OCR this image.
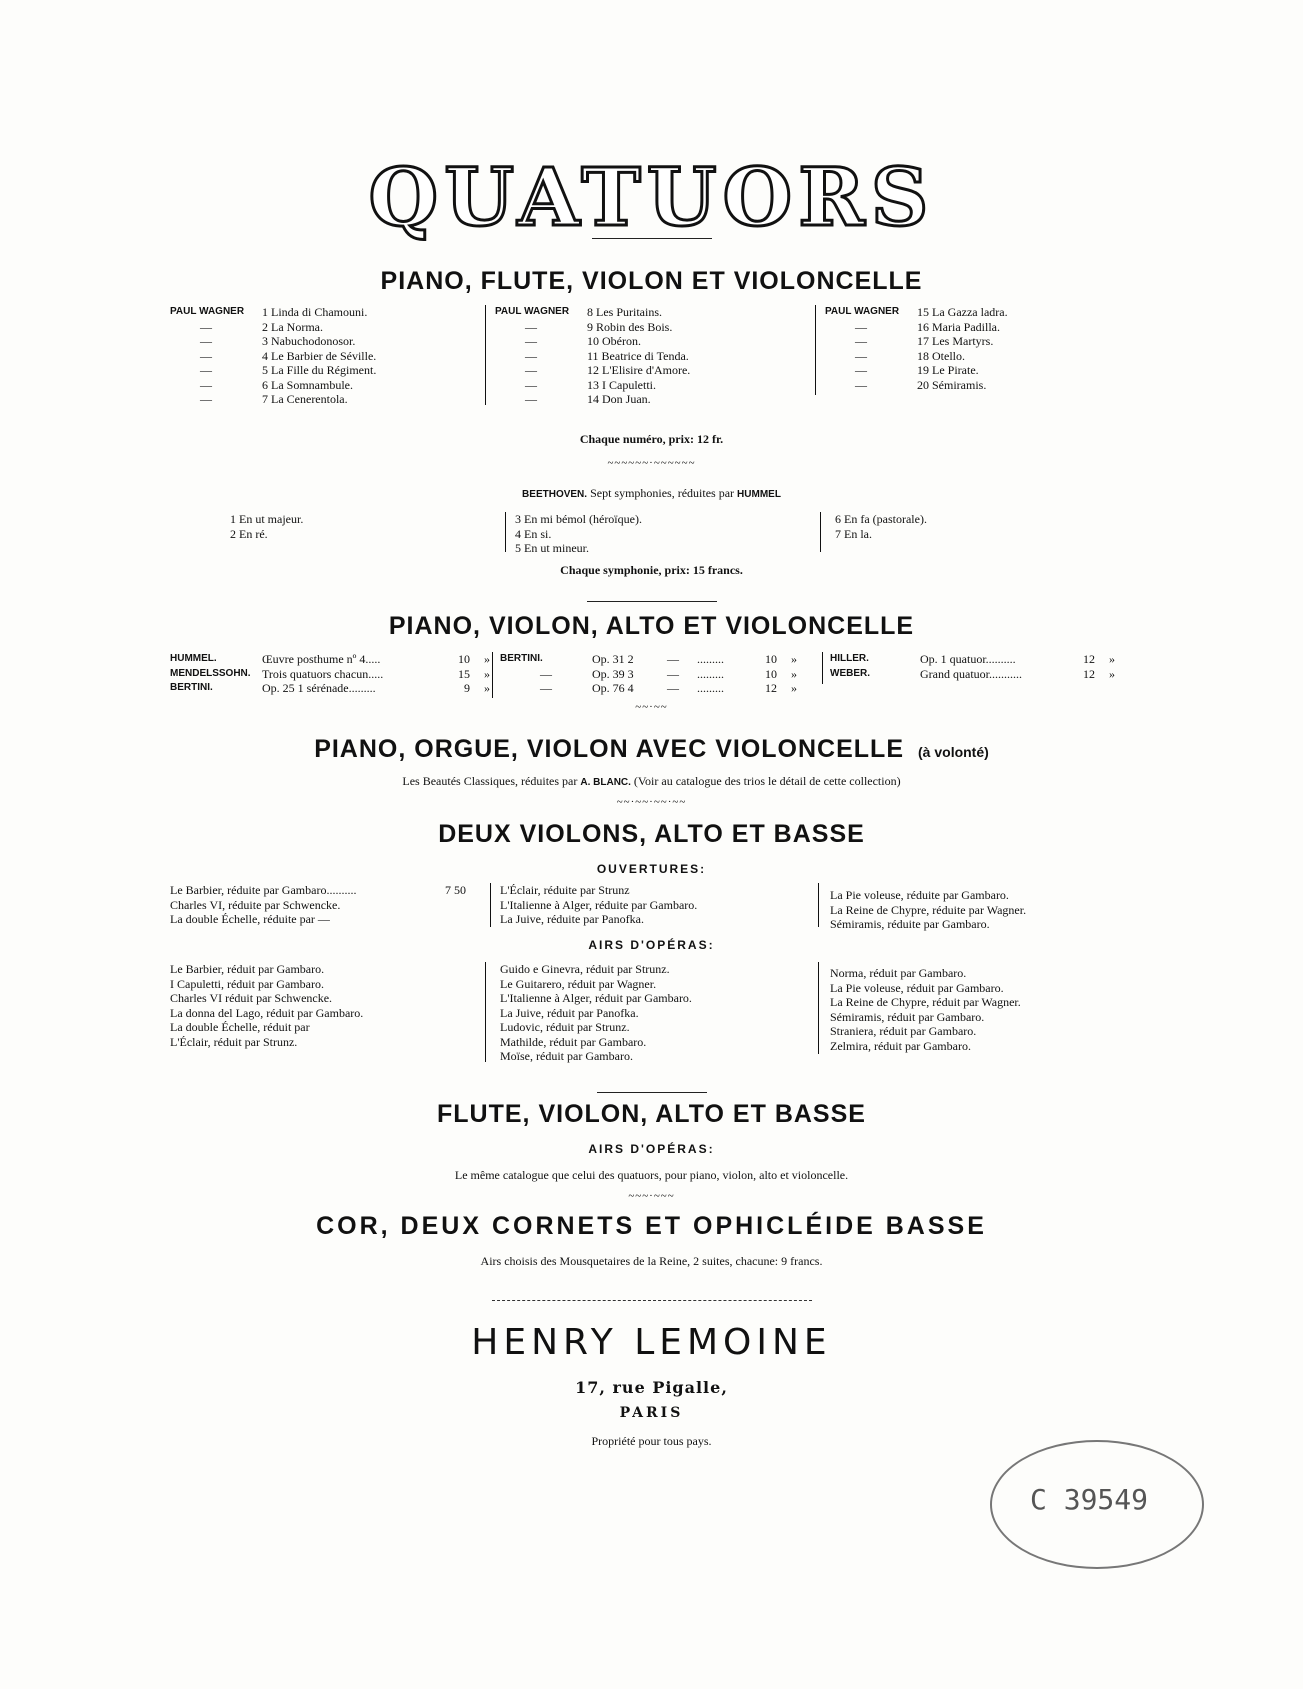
QUATUORS
PIANO, FLUTE, VIOLON ET VIOLONCELLE
PAUL WAGNER	1 Linda di Chamouni.
—	2 La Norma.
—	3 Nabuchodonosor.
—	4 Le Barbier de Séville.
—	5 La Fille du Régiment.
—	6 La Somnambule.
—	7 La Cenerentola.
PAUL WAGNER	8 Les Puritains.
—	9 Robin des Bois.
—	10 Obéron.
—	11 Beatrice di Tenda.
—	12 L'Elisire d'Amore.
—	13 I Capuletti.
—	14 Don Juan.
PAUL WAGNER	15 La Gazza ladra.
—	16 Maria Padilla.
—	17 Les Martyrs.
—	18 Otello.
—	19 Le Pirate.
—	20 Sémiramis.
Chaque numéro, prix: 12 fr.
~~~~~~·~~~~~~
BEETHOVEN. Sept symphonies, réduites par HUMMEL
1 En ut majeur.
2 En ré.
3 En mi bémol (héroïque).
4 En si.
5 En ut mineur.
6 En fa (pastorale).
7 En la.
Chaque symphonie, prix: 15 francs.
PIANO, VIOLON, ALTO ET VIOLONCELLE
HUMMEL.	Œuvre posthume nº 4.....	10	»
MENDELSSOHN. Trois quatuors chacun.....	15	»
BERTINI.	Op. 25 1 sérénade.........	9	»
BERTINI.	Op. 31 2	—	.........	10	»
—	Op. 39 3	—	.........	10	»
—	Op. 76 4	—	.........	12	»
HILLER.	Op. 1 quatuor..........	12	»
WEBER.	Grand quatuor...........	12	»
~~·~~
PIANO, ORGUE, VIOLON AVEC VIOLONCELLE (à volonté)
Les Beautés Classiques, réduites par A. BLANC. (Voir au catalogue des trios le détail de cette collection)
~~·~~·~~·~~
DEUX VIOLONS, ALTO ET BASSE
OUVERTURES:
Le Barbier, réduite par Gambaro..........	7 50
Charles VI, réduite par Schwencke.
La double Échelle, réduite par —
L'Éclair, réduite par Strunz
L'Italienne à Alger, réduite par Gambaro.
La Juive, réduite par Panofka.
La Pie voleuse, réduite par Gambaro.
La Reine de Chypre, réduite par Wagner.
Sémiramis, réduite par Gambaro.
AIRS D'OPÉRAS:
Le Barbier, réduit par Gambaro.
I Capuletti, réduit par Gambaro.
Charles VI réduit par Schwencke.
La donna del Lago, réduit par Gambaro.
La double Échelle, réduit par
L'Éclair, réduit par Strunz.
Guido e Ginevra, réduit par Strunz.
Le Guitarero, réduit par Wagner.
L'Italienne à Alger, réduit par Gambaro.
La Juive, réduit par Panofka.
Ludovic, réduit par Strunz.
Mathilde, réduit par Gambaro.
Moïse, réduit par Gambaro.
Norma, réduit par Gambaro.
La Pie voleuse, réduit par Gambaro.
La Reine de Chypre, réduit par Wagner.
Sémiramis, réduit par Gambaro.
Straniera, réduit par Gambaro.
Zelmira, réduit par Gambaro.
FLUTE, VIOLON, ALTO ET BASSE
AIRS D'OPÉRAS:
Le même catalogue que celui des quatuors, pour piano, violon, alto et violoncelle.
~~~·~~~
COR, DEUX CORNETS ET OPHICLÉIDE BASSE
Airs choisis des Mousquetaires de la Reine, 2 suites, chacune: 9 francs.
HENRY LEMOINE
17, rue Pigalle,
PARIS
Propriété pour tous pays.
C 39549
